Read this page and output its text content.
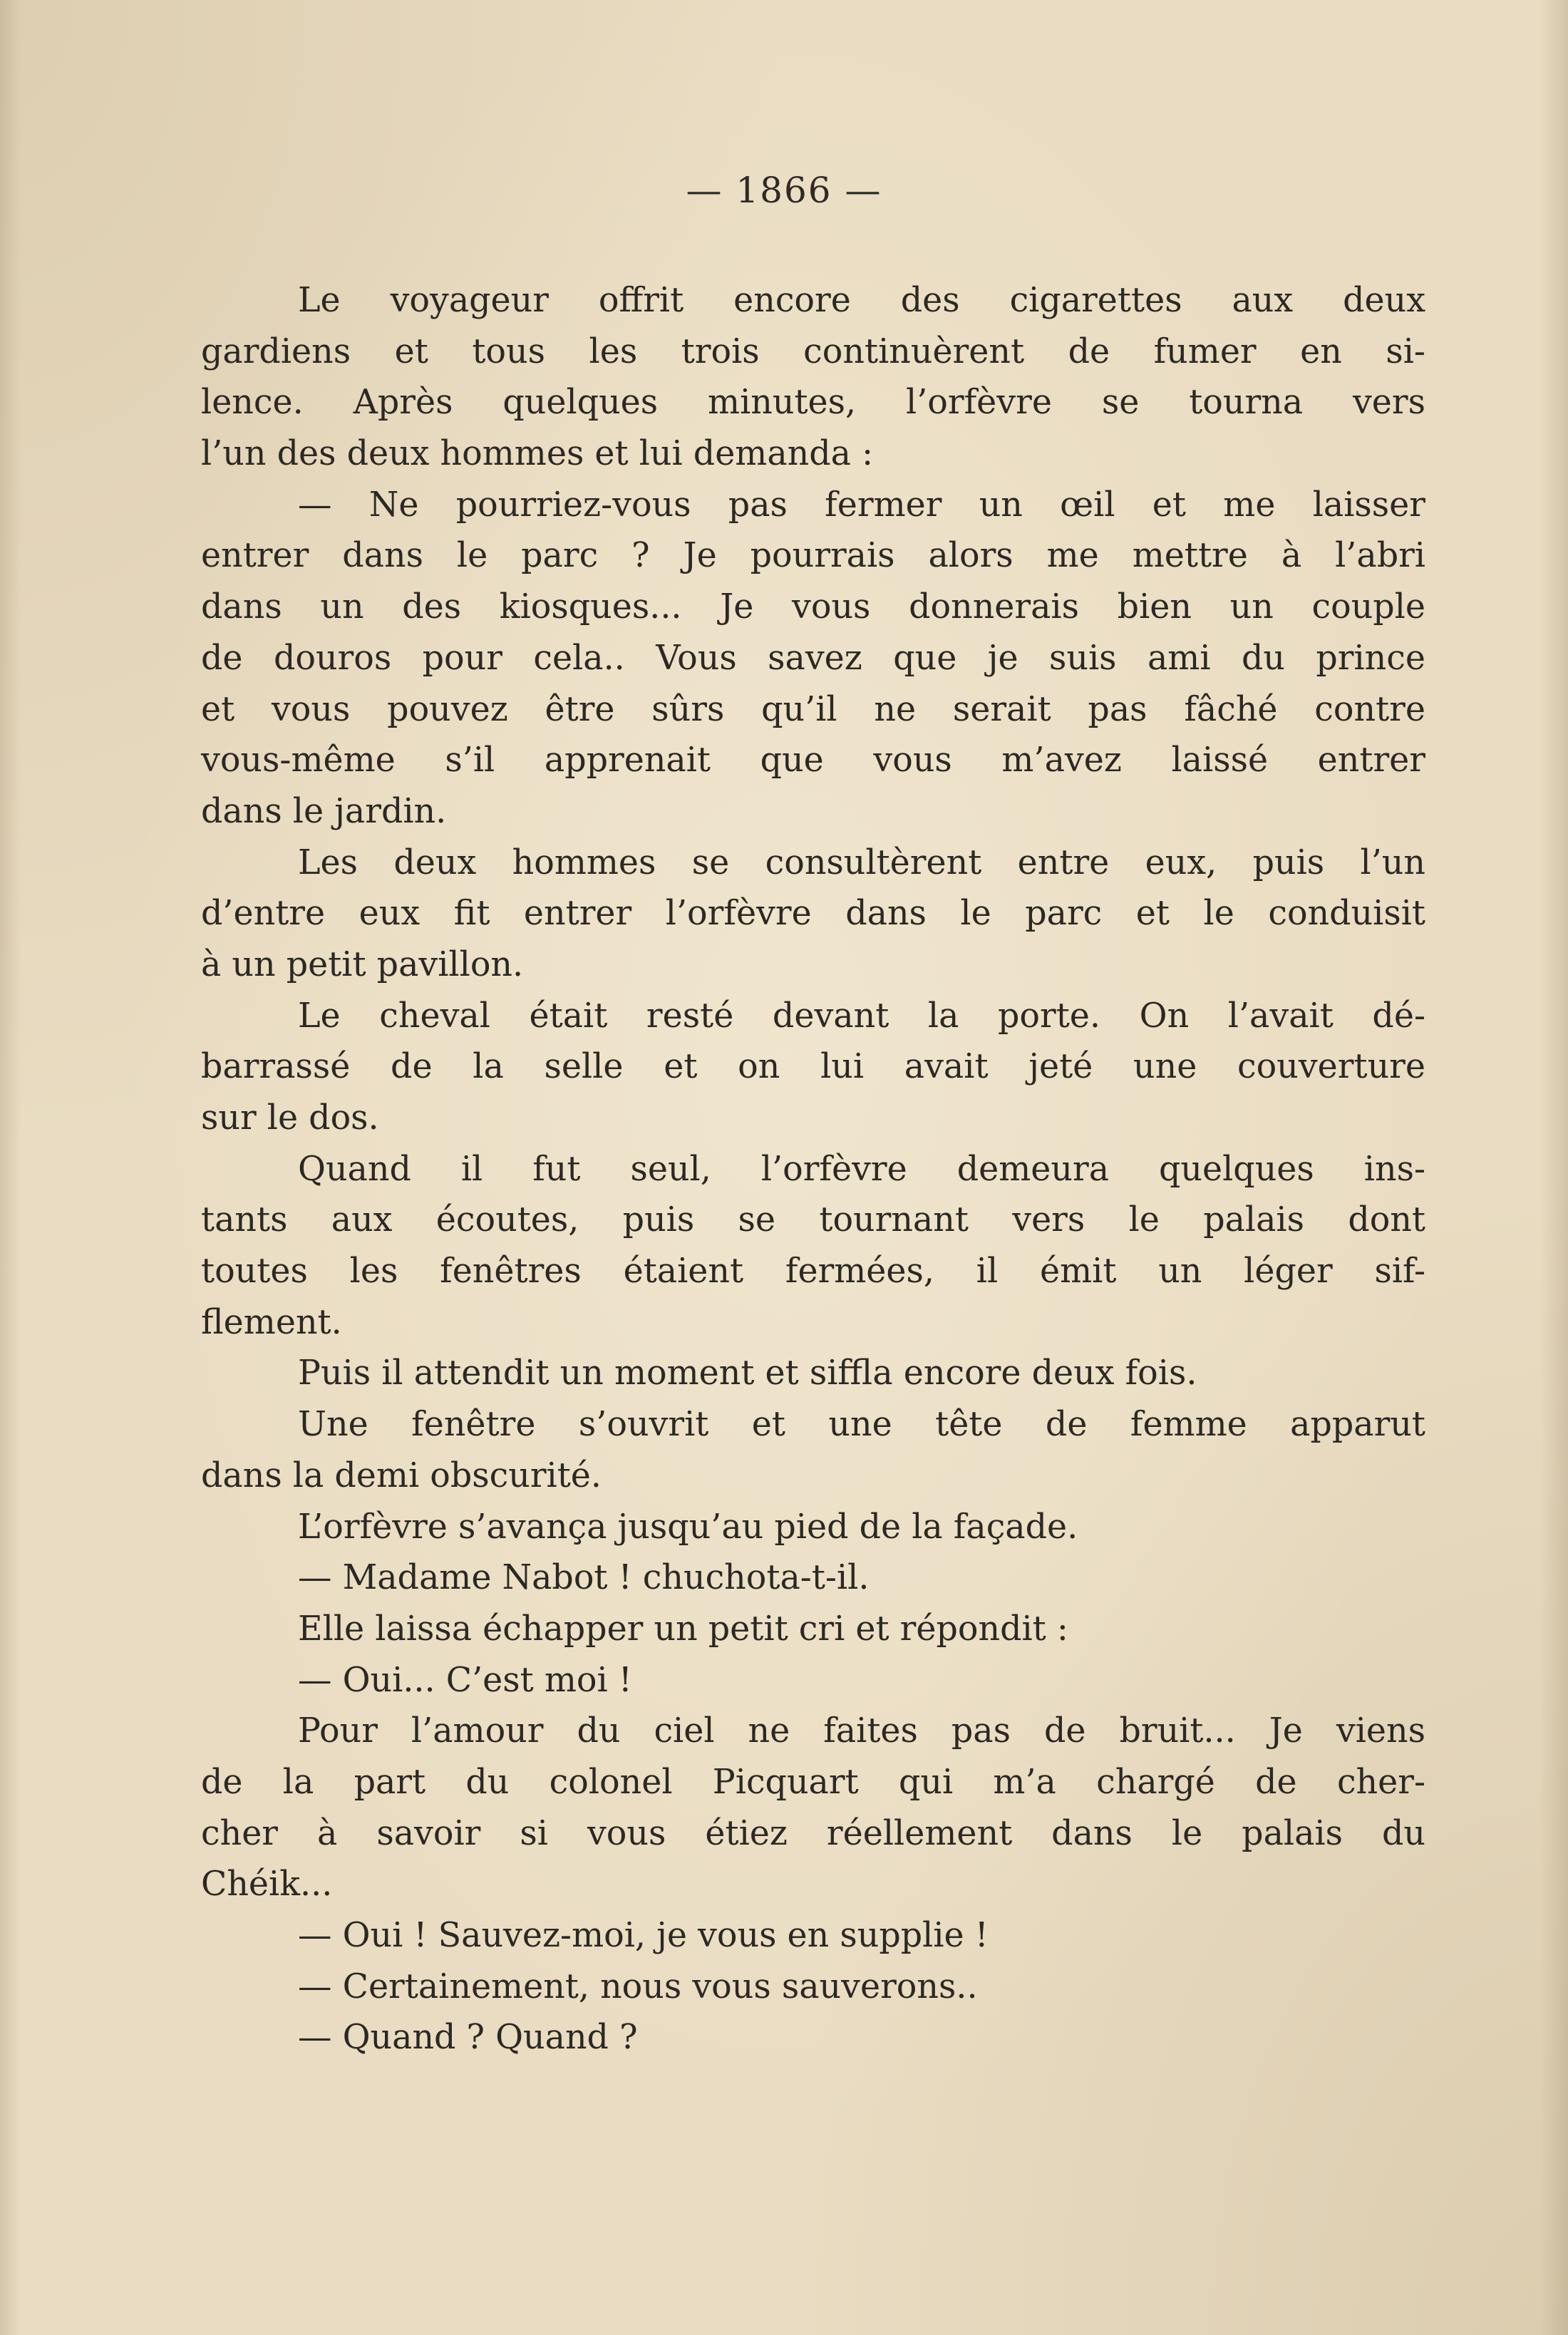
— 1866 —
Le voyageur offrit encore des cigarettes aux deux
gardiens et tous les trois continuèrent de fumer en si-
lence. Après quelques minutes, l’orfèvre se tourna vers
l’un des deux hommes et lui demanda :
— Ne pourriez-vous pas fermer un œil et me laisser
entrer dans le parc ? Je pourrais alors me mettre à l’abri
dans un des kiosques... Je vous donnerais bien un couple
de douros pour cela.. Vous savez que je suis ami du prince
et vous pouvez être sûrs qu’il ne serait pas fâché contre
vous-même s’il apprenait que vous m’avez laissé entrer
dans le jardin.
Les deux hommes se consultèrent entre eux, puis l’un
d’entre eux fit entrer l’orfèvre dans le parc et le conduisit
à un petit pavillon.
Le cheval était resté devant la porte. On l’avait dé-
barrassé de la selle et on lui avait jeté une couverture
sur le dos.
Quand il fut seul, l’orfèvre demeura quelques ins-
tants aux écoutes, puis se tournant vers le palais dont
toutes les fenêtres étaient fermées, il émit un léger sif-
flement.
Puis il attendit un moment et siffla encore deux fois.
Une fenêtre s’ouvrit et une tête de femme apparut
dans la demi obscurité.
L’orfèvre s’avança jusqu’au pied de la façade.
— Madame Nabot ! chuchota-t-il.
Elle laissa échapper un petit cri et répondit :
— Oui... C’est moi !
Pour l’amour du ciel ne faites pas de bruit... Je viens
de la part du colonel Picquart qui m’a chargé de cher-
cher à savoir si vous étiez réellement dans le palais du
Chéik...
— Oui ! Sauvez-moi, je vous en supplie !
— Certainement, nous vous sauverons..
— Quand ? Quand ?
